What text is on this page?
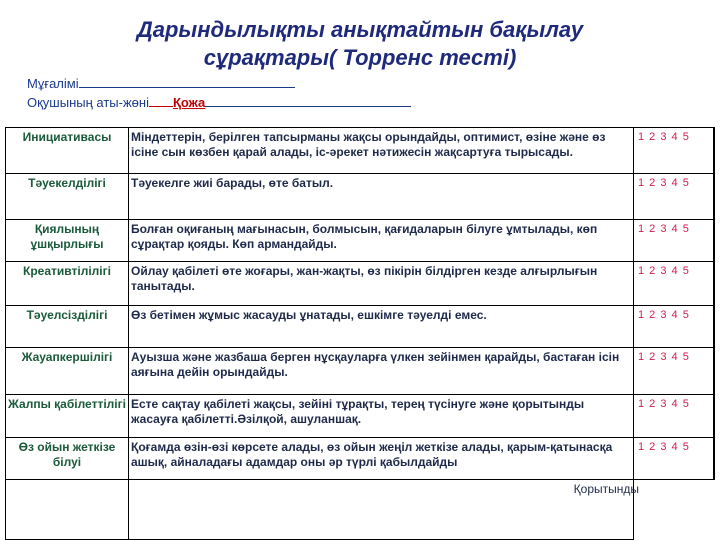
Дарындылықты анықтайтын бақылау
сұрақтары( Торренс тесті)
Мұғалімі
Оқушының аты-жөні Қожа
Инициативасы	Міндеттерін, берілген тапсырманы жақсы орындайды, оптимист, өзіне және өз ісіне сын көзбен қарай алады, іс-әрекет нәтижесін жақсартуға тырысады.	1 2 3 4 5
Тәуекелділігі	Тәуекелге жиі барады, өте батыл.	1 2 3 4 5
Қиялының ұшқырлығы	Болған оқиғаның мағынасын, болмысын, қағидаларын білуге ұмтылады, көп сұрақтар қояды. Көп армандайды.	1 2 3 4 5
Креативтілілігі	Ойлау қабілеті өте жоғары, жан-жақты, өз пікірін білдірген кезде алғырлығын танытады.	1 2 3 4 5
Тәуелсізділігі	Өз бетімен жұмыс жасауды ұнатады, ешкімге тәуелді емес.	1 2 3 4 5
Жауапкершілігі	Ауызша және жазбаша берген нұсқауларға үлкен зейінмен қарайды, бастаған ісін аяғына дейін орындайды.	1 2 3 4 5
Жалпы қабілеттілігі	Есте сақтау қабілеті жақсы, зейіні тұрақты, терең түсінуге және қорытынды жасауға қабілетті.Әзілқой, ашуланшақ.	1 2 3 4 5
Өз ойын жеткізе білуі	Қоғамда өзін-өзі көрсете алады, өз ойын жеңіл жеткізе алады, қарым-қатынасқа ашық, айналадағы адамдар оны әр түрлі қабылдайды	1 2 3 4 5

	Қорытынды	
